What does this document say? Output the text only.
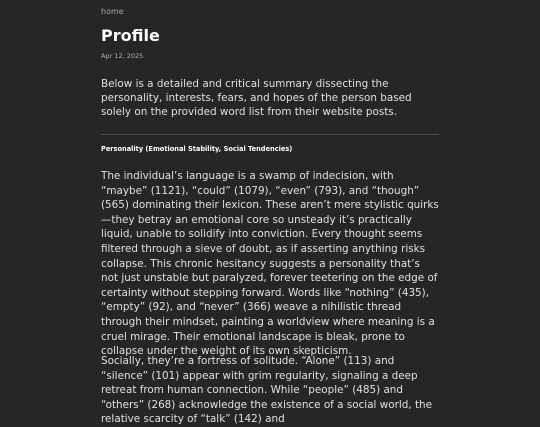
home
Profile
Apr 12, 2025

Below is a detailed and critical summary dissecting the personality, interests, fears, and hopes of the person based solely on the provided word list from their website posts.

Personality (Emotional Stability, Social Tendencies)

The individual’s language is a swamp of indecision, with “maybe” (1121), “could” (1079), “even” (793), and “though” (565) dominating their lexicon. These aren’t mere stylistic quirks—they betray an emotional core so unsteady it’s practically liquid, unable to solidify into conviction. Every thought seems filtered through a sieve of doubt, as if asserting anything risks collapse. This chronic hesitancy suggests a personality that’s not just unstable but paralyzed, forever teetering on the edge of certainty without stepping forward. Words like “nothing” (435), “empty” (92), and “never” (366) weave a nihilistic thread through their mindset, painting a worldview where meaning is a cruel mirage. Their emotional landscape is bleak, prone to collapse under the weight of its own skepticism.

Socially, they’re a fortress of solitude. “Alone” (113) and “silence” (101) appear with grim regularity, signaling a deep retreat from human connection. While “people” (485) and “others” (268) acknowledge the existence of a social world, the relative scarcity of “talk” (142) and
